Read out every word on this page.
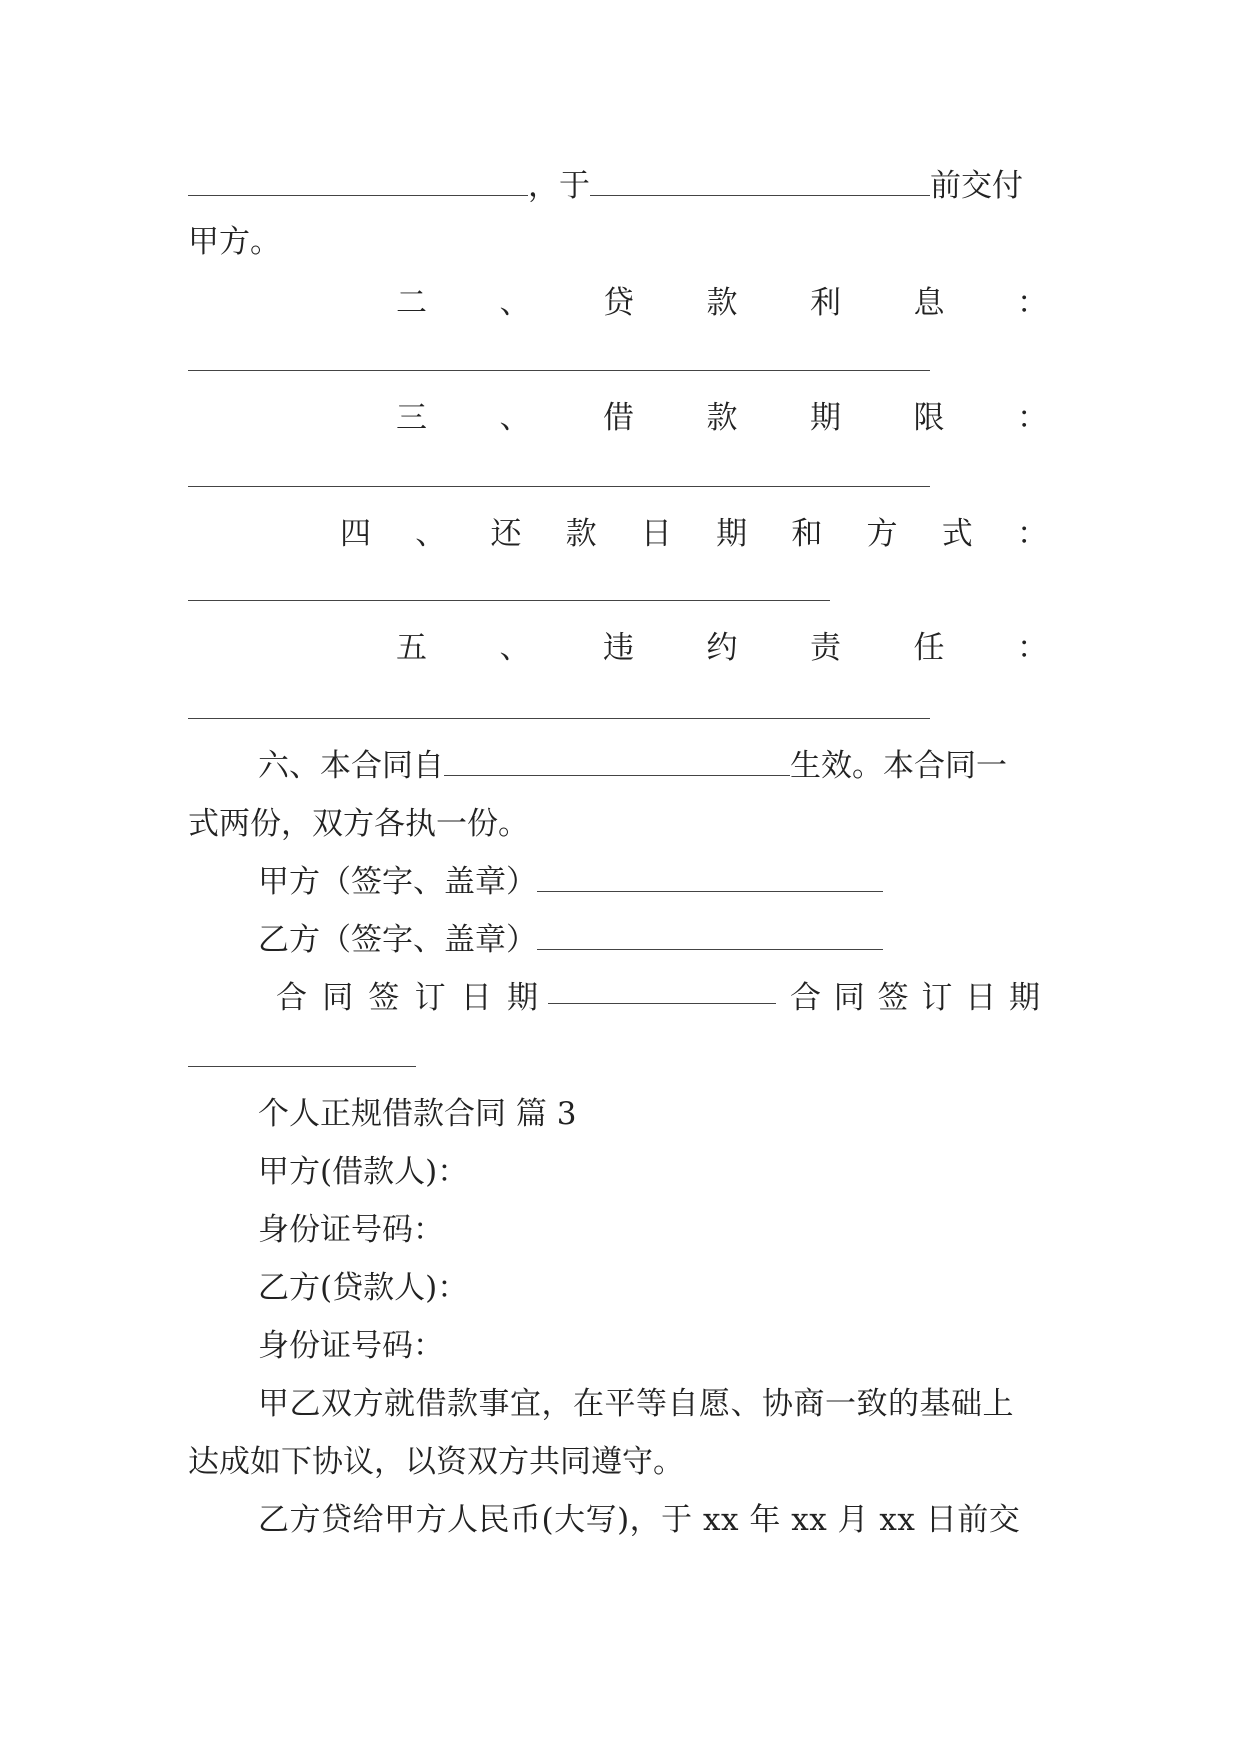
，于	前交付
甲方。
二 、 贷 款 利 息 ：
三 、 借 款 期 限 ：
四 、 还 款 日 期 和 方 式 ：
五 、 违 约 责 任 ：
六、本合同自	生效。本合同一
式两份，双方各执一份。
甲方（签字、盖章）
乙方（签字、盖章）
合 同 签 订 日 期	合 同 签 订 日 期
个人正规借款合同 篇 3
甲方(借款人)：
身份证号码：
乙方(贷款人)：
身份证号码：
甲乙双方就借款事宜，在平等自愿、协商一致的基础上
达成如下协议，以资双方共同遵守。
乙方贷给甲方人民币(大写)，于 xx 年 xx 月 xx 日前交
